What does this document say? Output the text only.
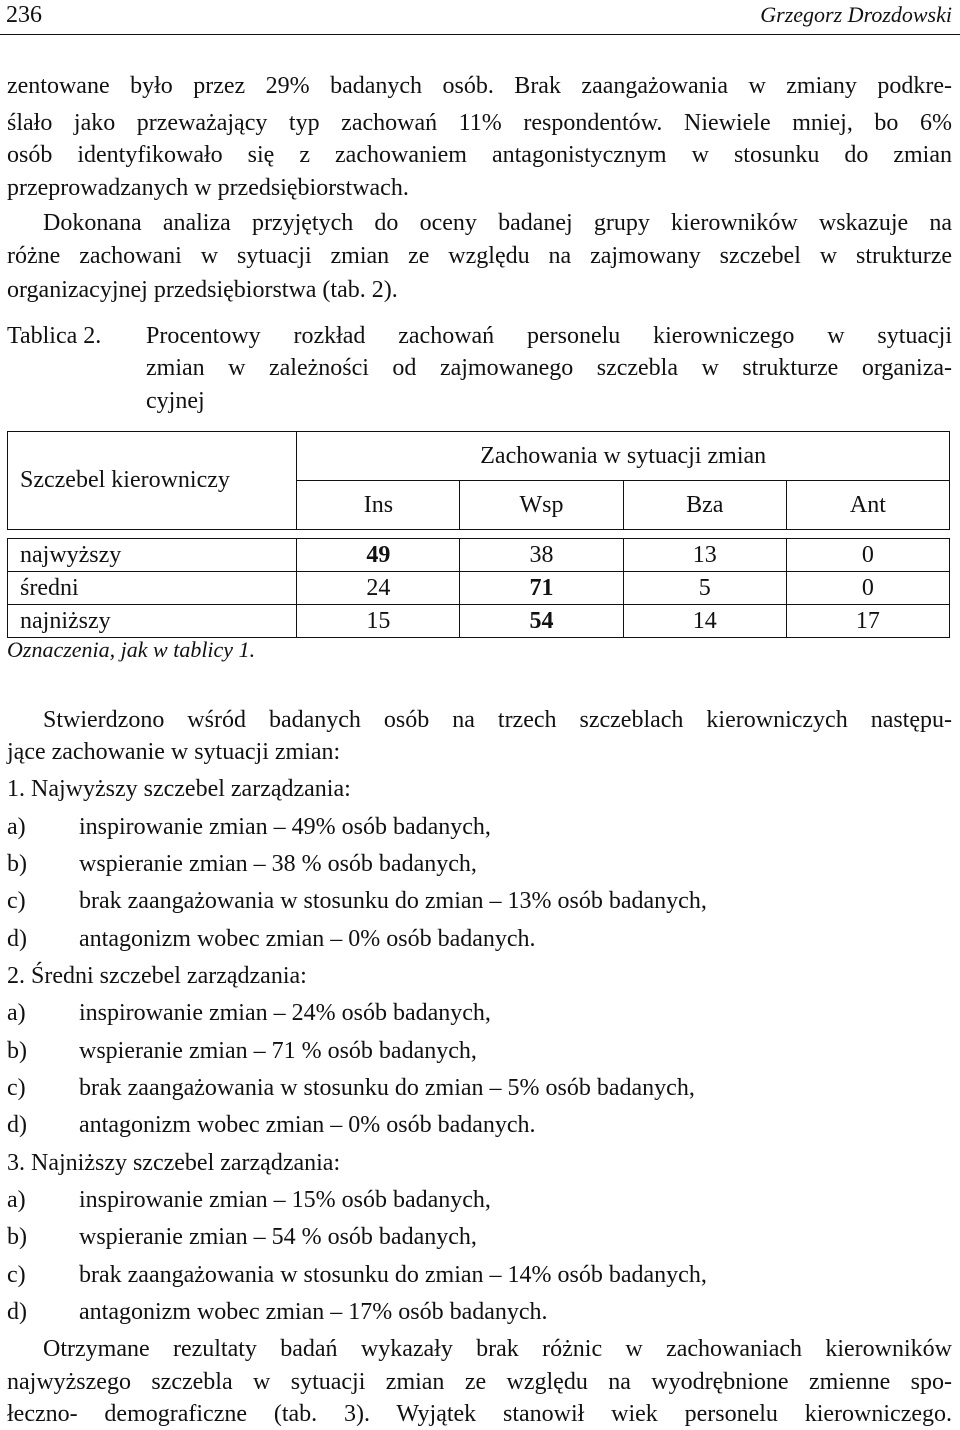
236	Grzegorz Drozdowski
zentowane było przez 29% badanych osób. Brak zaangażowania w zmiany podkre-
ślało jako przeważający typ zachowań 11% respondentów. Niewiele mniej, bo 6%
osób identyfikowało się z zachowaniem antagonistycznym w stosunku do zmian
przeprowadzanych w przedsiębiorstwach.
Dokonana analiza przyjętych do oceny badanej grupy kierowników wskazuje na
różne zachowani w sytuacji zmian ze względu na zajmowany szczebel w strukturze
organizacyjnej przedsiębiorstwa (tab. 2).
Tablica 2. Procentowy rozkład zachowań personelu kierowniczego w sytuacji
zmian w zależności od zajmowanego szczebla w strukturze organiza-
cyjnej
Szczebel kierowniczy	Zachowania w sytuacji zmian			
	Ins	Wsp	Bza	Ant

najwyższy	49	38	13	0
średni	24	71	5	0
najniższy	15	54	14	17
Oznaczenia, jak w tablicy 1.
Stwierdzono wśród badanych osób na trzech szczeblach kierowniczych następu-
jące zachowanie w sytuacji zmian:
1. Najwyższy szczebel zarządzania:
a) inspirowanie zmian – 49% osób badanych,
b) wspieranie zmian – 38 % osób badanych,
c) brak zaangażowania w stosunku do zmian – 13% osób badanych,
d) antagonizm wobec zmian – 0% osób badanych.
2. Średni szczebel zarządzania:
a) inspirowanie zmian – 24% osób badanych,
b) wspieranie zmian – 71 % osób badanych,
c) brak zaangażowania w stosunku do zmian – 5% osób badanych,
d) antagonizm wobec zmian – 0% osób badanych.
3. Najniższy szczebel zarządzania:
a) inspirowanie zmian – 15% osób badanych,
b) wspieranie zmian – 54 % osób badanych,
c) brak zaangażowania w stosunku do zmian – 14% osób badanych,
d) antagonizm wobec zmian – 17% osób badanych.
Otrzymane rezultaty badań wykazały brak różnic w zachowaniach kierowników
najwyższego szczebla w sytuacji zmian ze względu na wyodrębnione zmienne spo-
łeczno- demograficzne (tab. 3). Wyjątek stanowił wiek personelu kierowniczego.
